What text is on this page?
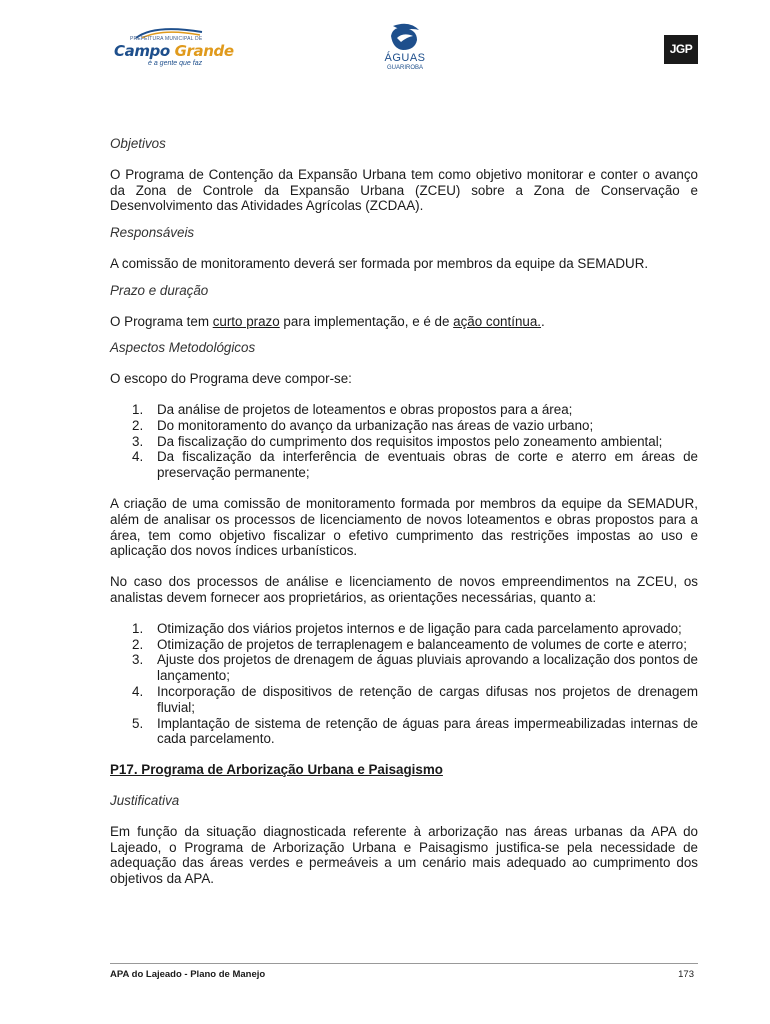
PREFEITURA MUNICIPAL DE
Campo Grande
é a gente que faz	ÁGUAS
GUARIROBA
JGP

Objetivos

O Programa de Contenção da Expansão Urbana tem como objetivo monitorar e conter o avanço da Zona de Controle da Expansão Urbana (ZCEU) sobre a Zona de Conservação e Desenvolvimento das Atividades Agrícolas (ZCDAA).

Responsáveis

A comissão de monitoramento deverá ser formada por membros da equipe da SEMADUR.

Prazo e duração

O Programa tem curto prazo para implementação, e é de ação contínua..

Aspectos Metodológicos

O escopo do Programa deve compor-se:

1. Da análise de projetos de loteamentos e obras propostos para a área;
2. Do monitoramento do avanço da urbanização nas áreas de vazio urbano;
3. Da fiscalização do cumprimento dos requisitos impostos pelo zoneamento ambiental;
4. Da fiscalização da interferência de eventuais obras de corte e aterro em áreas de preservação permanente;

A criação de uma comissão de monitoramento formada por membros da equipe da SEMADUR, além de analisar os processos de licenciamento de novos loteamentos e obras propostos para a área, tem como objetivo fiscalizar o efetivo cumprimento das restrições impostas ao uso e aplicação dos novos índices urbanísticos.

No caso dos processos de análise e licenciamento de novos empreendimentos na ZCEU, os analistas devem fornecer aos proprietários, as orientações necessárias, quanto a:

1. Otimização dos viários projetos internos e de ligação para cada parcelamento aprovado;
2. Otimização de projetos de terraplenagem e balanceamento de volumes de corte e aterro;
3. Ajuste dos projetos de drenagem de águas pluviais aprovando a localização dos pontos de lançamento;
4. Incorporação de dispositivos de retenção de cargas difusas nos projetos de drenagem fluvial;
5. Implantação de sistema de retenção de águas para áreas impermeabilizadas internas de cada parcelamento.

P17. Programa de Arborização Urbana e Paisagismo

Justificativa

Em função da situação diagnosticada referente à arborização nas áreas urbanas da APA do Lajeado, o Programa de Arborização Urbana e Paisagismo justifica-se pela necessidade de adequação das áreas verdes e permeáveis a um cenário mais adequado ao cumprimento dos objetivos da APA.

APA do Lajeado - Plano de Manejo	173
